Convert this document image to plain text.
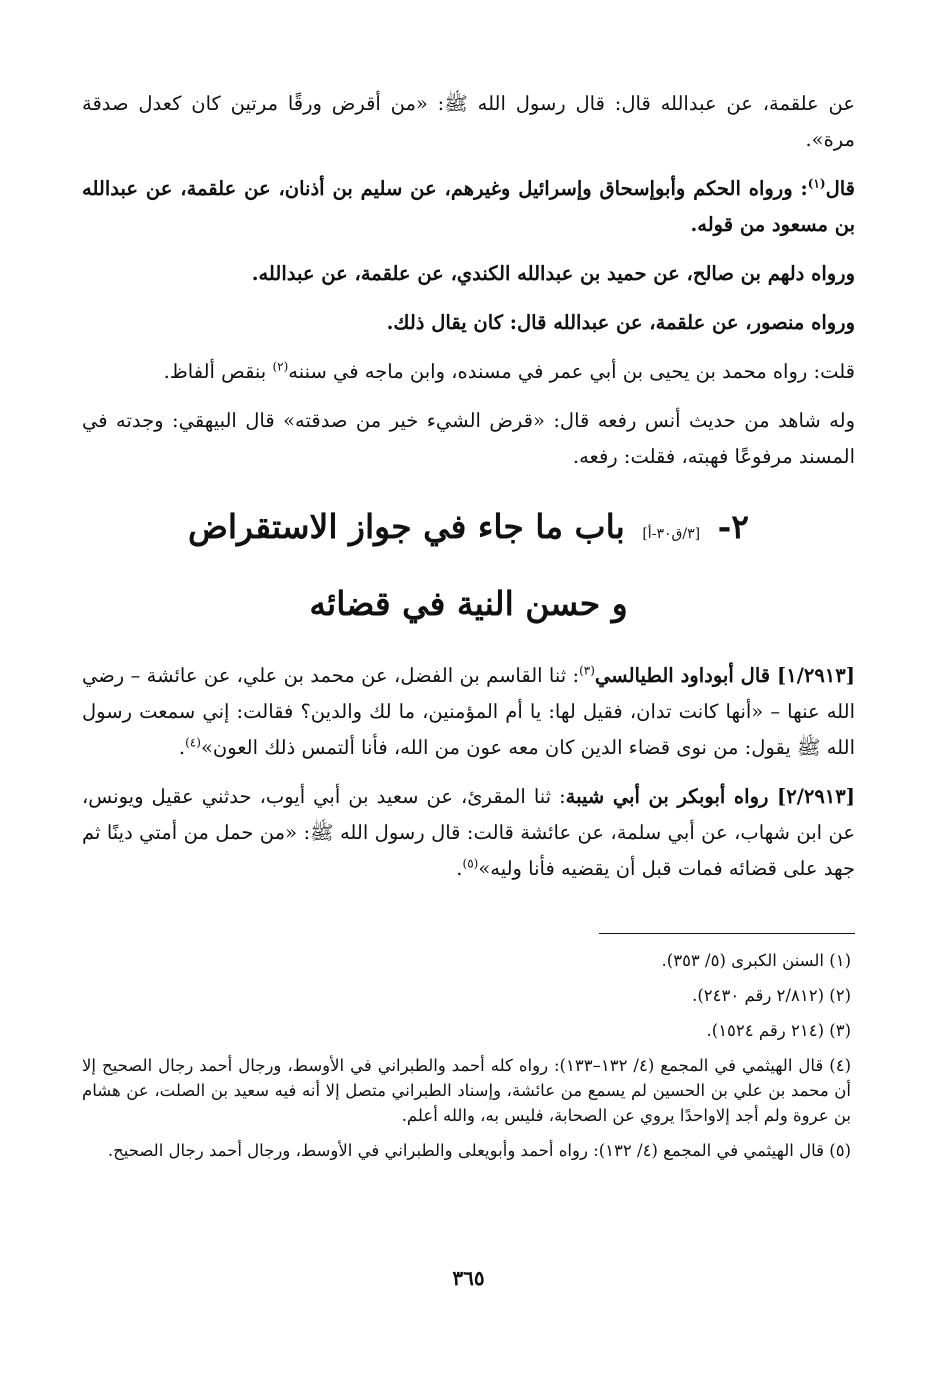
عن علقمة، عن عبدالله قال: قال رسول الله ﷺ: «من أقرض ورقًا مرتين كان كعدل صدقة مرة».

قال$^{(١)}$: ورواه الحكم وأبوإسحاق وإسرائيل وغيرهم، عن سليم بن أذنان، عن علقمة، عن عبدالله بن مسعود من قوله.

ورواه دلهم بن صالح، عن حميد بن عبدالله الكندي، عن علقمة، عن عبدالله.

ورواه منصور، عن علقمة، عن عبدالله قال: كان يقال ذلك.

قلت: رواه محمد بن يحيى بن أبي عمر في مسنده، وابن ماجه في سننه$^{(٢)}$ بنقص ألفاظ.

وله شاهد من حديث أنس رفعه قال: «قرض الشيء خير من صدقته» قال البيهقي: وجدته في المسند مرفوعًا فهبته، فقلت: رفعه.

٢- [٣/ق٣٠-أ] باب ما جاء في جواز الاستقراض
و حسن النية في قضائه

[١/٢٩١٣] قال أبوداود الطيالسي$^{(٣)}$: ثنا القاسم بن الفضل، عن محمد بن علي، عن عائشة – رضي الله عنها – «أنها كانت تدان، فقيل لها: يا أم المؤمنين، ما لك والدين؟ فقالت: إني سمعت رسول الله ﷺ يقول: من نوى قضاء الدين كان معه عون من الله، فأنا ألتمس ذلك العون»$^{(٤)}$.

[٢/٢٩١٣] رواه أبوبكر بن أبي شيبة: ثنا المقرئ، عن سعيد بن أبي أيوب، حدثني عقيل ويونس، عن ابن شهاب، عن أبي سلمة، عن عائشة قالت: قال رسول الله ﷺ: «من حمل من أمتي دينًا ثم جهد على قضائه فمات قبل أن يقضيه فأنا وليه»$^{(٥)}$.

(١) السنن الكبرى (٥/ ٣٥٣).

(٢) (٢/٨١٢ رقم ٢٤٣٠).

(٣) (٢١٤ رقم ١٥٢٤).

(٤) قال الهيثمي في المجمع (٤/ ١٣٢–١٣٣): رواه كله أحمد والطبراني في الأوسط، ورجال أحمد رجال الصحيح إلا أن محمد بن علي بن الحسين لم يسمع من عائشة، وإسناد الطبراني متصل إلا أنه فيه سعيد بن الصلت، عن هشام بن عروة ولم أجد إلاواحدًا يروي عن الصحابة، فليس به، والله أعلم.

(٥) قال الهيثمي في المجمع (٤/ ١٣٢): رواه أحمد وأبويعلى والطبراني في الأوسط، ورجال أحمد رجال الصحيح.

٣٦٥
